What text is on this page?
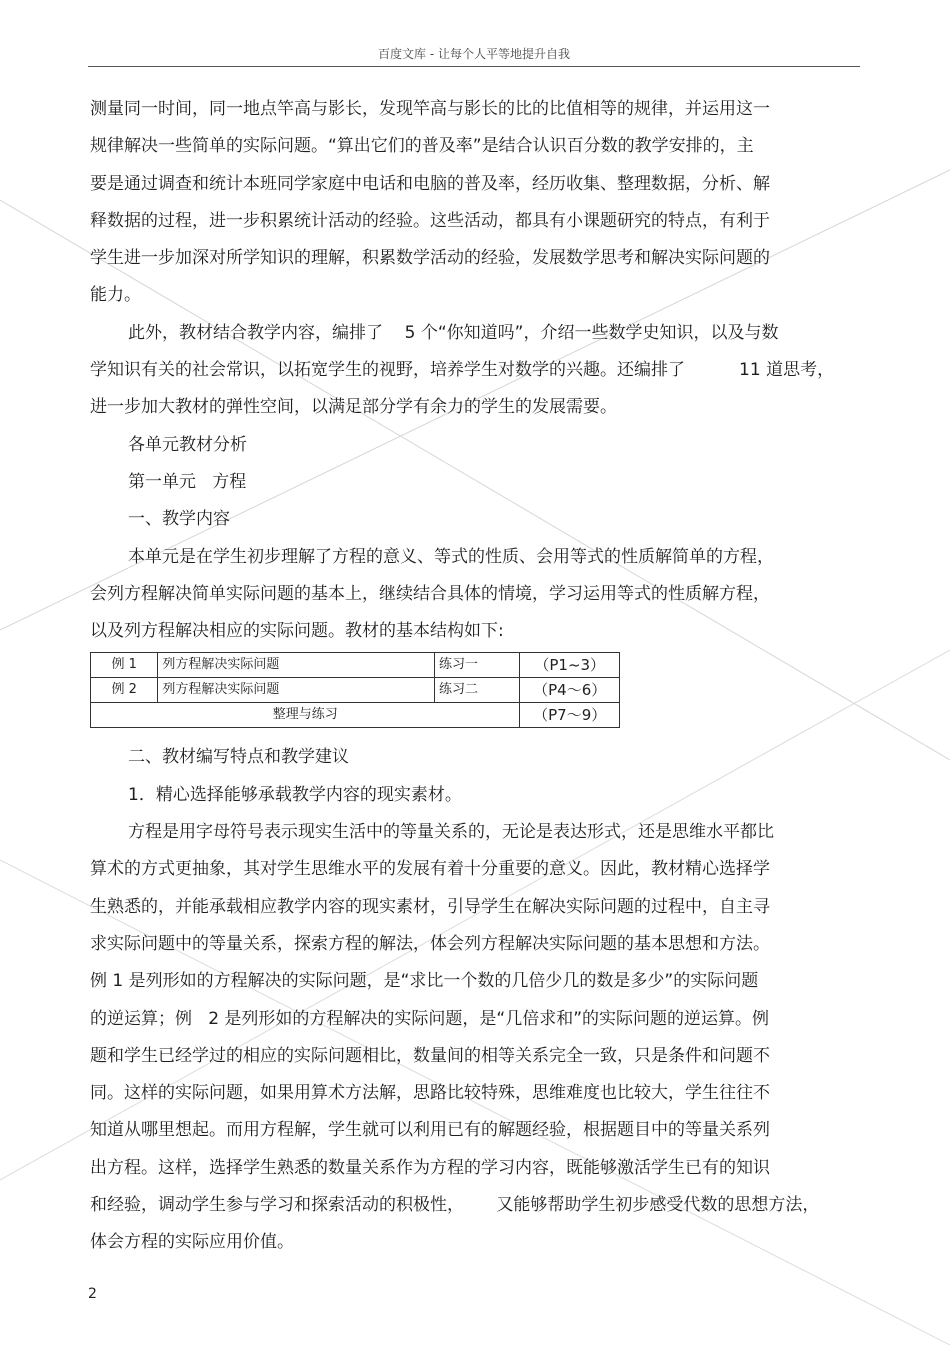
百度文库 - 让每个人平等地提升自我
测量同一时间，同一地点竿高与影长，发现竿高与影长的比的比值相等的规律，并运用这一
规律解决一些简单的实际问题。“算出它们的普及率”是结合认识百分数的教学安排的，主
要是通过调查和统计本班同学家庭中电话和电脑的普及率，经历收集、整理数据，分析、解
释数据的过程，进一步积累统计活动的经验。这些活动，都具有小课题研究的特点，有利于
学生进一步加深对所学知识的理解，积累数学活动的经验，发展数学思考和解决实际问题的
能力。
此外，教材结合教学内容，编排了    5 个“你知道吗”，介绍一些数学史知识，以及与数
学知识有关的社会常识，以拓宽学生的视野，培养学生对数学的兴趣。还编排了          11 道思考，
进一步加大教材的弹性空间，以满足部分学有余力的学生的发展需要。
各单元教材分析
第一单元   方程
一、教学内容
本单元是在学生初步理解了方程的意义、等式的性质、会用等式的性质解简单的方程，
会列方程解决简单实际问题的基本上，继续结合具体的情境，学习运用等式的性质解方程，
以及列方程解决相应的实际问题。教材的基本结构如下:
例 1	列方程解决实际问题	练习一	（P1~3）
例 2	列方程解决实际问题	练习二	（P4～6）
整理与练习			（P7～9）
二、教材编写特点和教学建议
1．精心选择能够承载教学内容的现实素材。
方程是用字母符号表示现实生活中的等量关系的，无论是表达形式，还是思维水平都比
算术的方式更抽象，其对学生思维水平的发展有着十分重要的意义。因此，教材精心选择学
生熟悉的，并能承载相应教学内容的现实素材，引导学生在解决实际问题的过程中，自主寻
求实际问题中的等量关系，探索方程的解法，体会列方程解决实际问题的基本思想和方法。
例 1 是列形如的方程解决的实际问题，是“求比一个数的几倍少几的数是多少”的实际问题
的逆运算；例   2 是列形如的方程解决的实际问题，是“几倍求和”的实际问题的逆运算。例
题和学生已经学过的相应的实际问题相比，数量间的相等关系完全一致，只是条件和问题不
同。这样的实际问题，如果用算术方法解，思路比较特殊，思维难度也比较大，学生往往不
知道从哪里想起。而用方程解，学生就可以利用已有的解题经验，根据题目中的等量关系列
出方程。这样，选择学生熟悉的数量关系作为方程的学习内容，既能够激活学生已有的知识
和经验，调动学生参与学习和探索活动的积极性，      又能够帮助学生初步感受代数的思想方法，
体会方程的实际应用价值。
2
